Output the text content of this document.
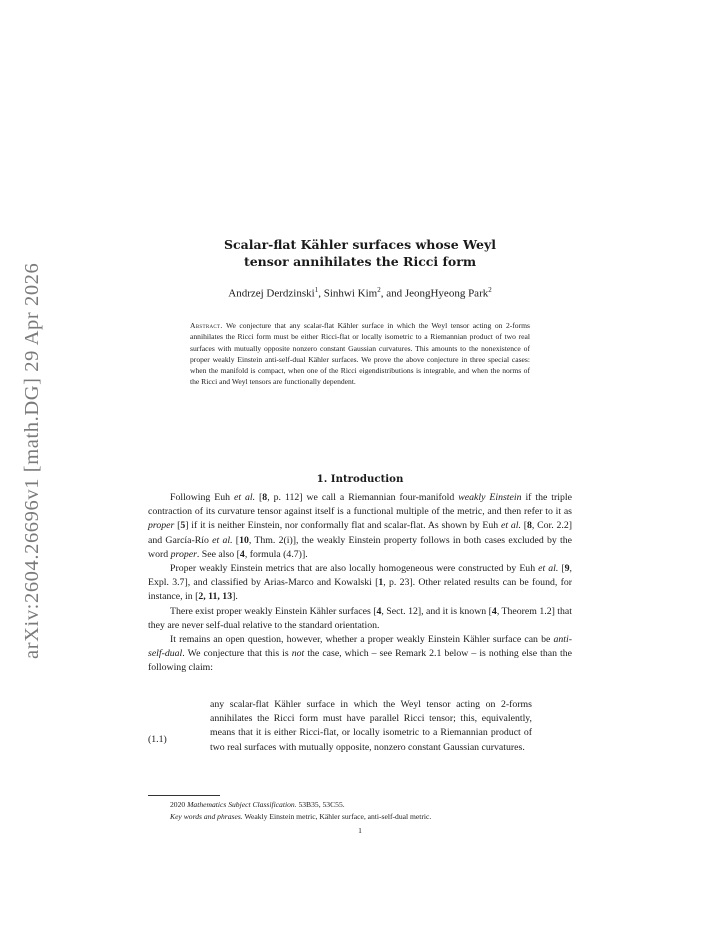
arXiv:2604.26696v1 [math.DG] 29 Apr 2026
Scalar-flat Kähler surfaces whose Weyl
tensor annihilates the Ricci form
Andrzej Derdzinski$^1$, Sinhwi Kim$^2$, and JeongHyeong Park$^2$
Abstract. We conjecture that any scalar-flat Kähler surface in which the Weyl tensor acting on 2-forms annihilates the Ricci form must be either Ricci-flat or locally isometric to a Riemannian product of two real surfaces with mutually opposite nonzero constant Gaussian curvatures. This amounts to the nonexistence of proper weakly Einstein anti-self-dual Kähler surfaces. We prove the above conjecture in three special cases: when the manifold is compact, when one of the Ricci eigendistributions is integrable, and when the norms of the Ricci and Weyl tensors are functionally dependent.
1. Introduction

Following Euh et al. [8, p. 112] we call a Riemannian four-manifold weakly Einstein if the triple contraction of its curvature tensor against itself is a functional multiple of the metric, and then refer to it as proper [5] if it is neither Einstein, nor conformally flat and scalar-flat. As shown by Euh et al. [8, Cor. 2.2] and García-Río et al. [10, Thm. 2(i)], the weakly Einstein property follows in both cases excluded by the word proper. See also [4, formula (4.7)].

Proper weakly Einstein metrics that are also locally homogeneous were constructed by Euh et al. [9, Expl. 3.7], and classified by Arias-Marco and Kowalski [1, p. 23]. Other related results can be found, for instance, in [2, 11, 13].

There exist proper weakly Einstein Kähler surfaces [4, Sect. 12], and it is known [4, Theorem 1.2] that they are never self-dual relative to the standard orientation.

It remains an open question, however, whether a proper weakly Einstein Kähler surface can be anti-self-dual. We conjecture that this is not the case, which – see Remark 2.1 below – is nothing else than the following claim:

(1.1)
any scalar-flat Kähler surface in which the Weyl tensor acting on 2-forms annihilates the Ricci form must have parallel Ricci tensor; this, equivalently, means that it is either Ricci-flat, or locally isometric to a Riemannian product of two real surfaces with mutually opposite, nonzero constant Gaussian curvatures.
2020 Mathematics Subject Classification. 53B35, 53C55.
Key words and phrases. Weakly Einstein metric, Kähler surface, anti-self-dual metric.
1
